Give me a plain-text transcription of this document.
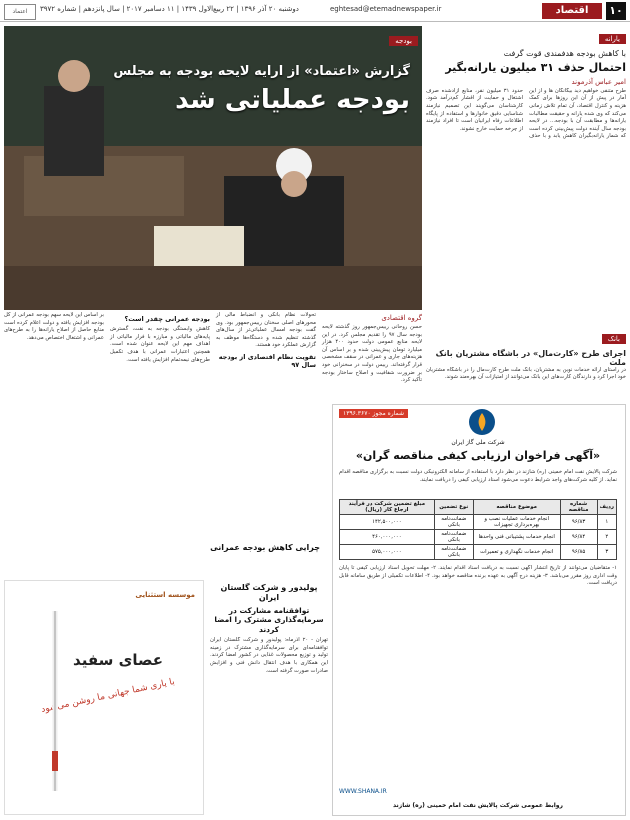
۱۰
اقتصاد
eghtesad@etemadnewspaper.ir
دوشنبه ۲۰ آذر ۱۳۹۶ | ۲۲ ربیع‌الاول ۱۴۳۹ | ۱۱ دسامبر ۲۰۱۷ | سال پانزدهم | شماره ۳۹۷۲
اعتماد
یارانه
با کاهش بودجه هدفمندی قوت گرفت
احتمال حذف ۳۱ میلیون یارانه‌بگیر
امیر عباس آذرموند
طرح متنفی خواهیم دید بیگانگان ها و از این آمار در پیش از آن این روزها برای کمک هزینه و کنترل اقتصاد، آن تمام تلاش زمانی می‌کند که وی شده یارانه و حقیقت مطالبات یارانه‌ها و مطابقت آن با بودجه... در لایحه بودجه سال آینده دولت پیش‌بینی کرده است که شمار یارانه‌بگیران کاهش یابد و با حذف حدود ۳۱ میلیون نفر، منابع آزادشده صرف اشتغال و حمایت از اقشار کم‌درآمد شود. کارشناسان می‌گویند این تصمیم نیازمند شناسایی دقیق خانوارها و استفاده از پایگاه اطلاعات رفاه ایرانیان است تا افراد نیازمند از چرخه حمایت خارج نشوند.
بانک
اجرای طرح «کارت‌مال» در باشگاه مشتریان بانک ملت
در راستای ارائه خدمات نوین به مشتریان، بانک ملت طرح کارت‌مال را در باشگاه مشتریان خود اجرا کرد و دارندگان کارت‌های این بانک می‌توانند از امتیازات آن بهره‌مند شوند.
گزارش «اعتماد» از ارایه لایحه بودجه به مجلس
بودجه عملیاتی شد
بودجه
گروه اقتصادی
حسن روحانی رییس‌جمهور روز گذشته لایحه بودجه سال ۹۷ را تقدیم مجلس کرد. در این لایحه منابع عمومی دولت حدود ۴۰۰ هزار میلیارد تومان پیش‌بینی شده و بر اساس آن هزینه‌های جاری و عمرانی در سقف مشخصی قرار گرفته‌اند. رییس دولت در سخنرانی خود بر ضرورت شفافیت و اصلاح ساختار بودجه تأکید کرد.
تحولات نظام بانکی و انضباط مالی از محورهای اصلی سخنان رییس‌جمهور بود. وی گفت بودجه امسال عملیاتی‌تر از سال‌های گذشته تنظیم شده و دستگاه‌ها موظف به گزارش عملکرد خود هستند.
تقویت نظام اقتصادی از بودجه سال ۹۷
بودجه عمرانی چقدر است؟
کاهش وابستگی بودجه به نفت، گسترش پایه‌های مالیاتی و مبارزه با فرار مالیاتی از اهداف مهم این لایحه عنوان شده است. همچنین اعتبارات عمرانی با هدف تکمیل طرح‌های نیمه‌تمام افزایش یافته است.
بر اساس این لایحه سهم بودجه عمرانی از کل بودجه افزایش یافته و دولت اعلام کرده است منابع حاصل از اصلاح یارانه‌ها را به طرح‌های عمرانی و اشتغال اختصاص می‌دهد.
چرایی کاهش بودجه عمرانی
موسسه استثنایی
عصای سفید
با یاری شما جهانی ما روشن می‌شود
پولیدور و شرکت گلستان ایران
توافقنامه مشارکت در سرمایه‌گذاری مشترک را امضا کردند
تهران - ۲۰ آذرماه: پولیدور و شرکت گلستان ایران توافقنامه‌ای برای سرمایه‌گذاری مشترک در زمینه تولید و توزیع محصولات غذایی در کشور امضا کردند. این همکاری با هدف انتقال دانش فنی و افزایش صادرات صورت گرفته است.
شماره مجوز ۱۳۹۶.۳۶۷۰
شرکت ملی گاز ایران
«آگهی فراخوان ارزیابی کیفی مناقصه گران»
شرکت پالایش نفت امام خمینی (ره) شازند در نظر دارد با استفاده از سامانه الکترونیکی دولت نسبت به برگزاری مناقصه اقدام نماید. از کلیه شرکت‌های واجد شرایط دعوت می‌شود اسناد ارزیابی کیفی را دریافت نمایند.
ردیف	شماره مناقصه	موضوع مناقصه	نوع تضمین	مبلغ تضمین شرکت در فرآیند ارجاع کار (ریال)
۱	۹۶/۸۳	انجام خدمات عملیات نصب و بهره‌برداری تجهیزات	ضمانت‌نامه بانکی	۱۴۲,۵۰۰,۰۰۰
۲	۹۶/۸۴	انجام خدمات پشتیبانی فنی واحدها	ضمانت‌نامه بانکی	۴۶۰,۰۰۰,۰۰۰
۳	۹۶/۸۵	انجام خدمات نگهداری و تعمیرات	ضمانت‌نامه بانکی	۵۷۵,۰۰۰,۰۰۰
۱- متقاضیان می‌توانند از تاریخ انتشار آگهی نسبت به دریافت اسناد اقدام نمایند. ۲- مهلت تحویل اسناد ارزیابی کیفی تا پایان وقت اداری روز مقرر می‌باشد. ۳- هزینه درج آگهی به عهده برنده مناقصه خواهد بود. ۴- اطلاعات تکمیلی از طریق سامانه قابل دریافت است.
WWW.SHANA.IR
روابط عمومی شرکت پالایش نفت امام خمینی (ره) شازند
